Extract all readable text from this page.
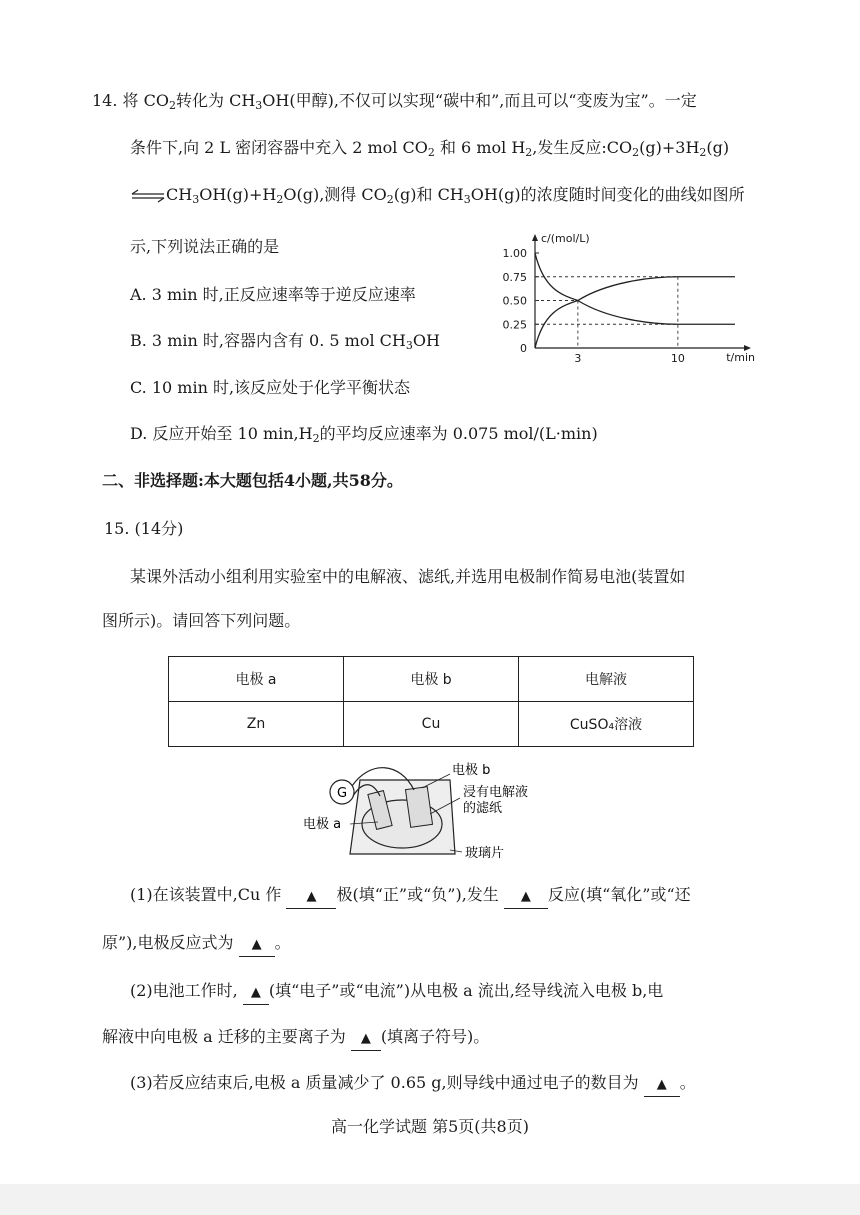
14. 将 $CO_2$转化为 $CH_3OH$(甲醇),不仅可以实现“碳中和”,而且可以“变废为宝”。一定
条件下,向 2 L 密闭容器中充入 2 mol $CO_2$ 和 6 mol $H_2$,发生反应$:CO_2(g)+3H_2(g)$
$\rightleftharpoons CH_3OH(g)+H_2O(g)$,测得 $CO_2(g)$和 $CH_3OH(g)$的浓度随时间变化的曲线如图所
示,下列说法正确的是
A. 3 min 时,正反应速率等于逆反应速率
B. 3 min 时,容器内含有 0. 5 mol $CH_3OH$
C. 10 min 时,该反应处于化学平衡状态
D. 反应开始至 10 $\min,H_2$的平均反应速率为 0.075 mol/(L·min)
c/(mol/L)
t/min
1.00
0.75
0.50
0.25
0
3	10
二、非选择题:本大题包括4小题,共58分。
15. (14分)
某课外活动小组利用实验室中的电解液、滤纸,并选用电极制作简易电池(装置如
图所示)。请回答下列问题。
电极 a	电极 b	电解液
Zn	Cu	CuSO₄溶液
G
电极 b
电极 a
浸有电解液
的滤纸
玻璃片
(1)在该装置中,Cu 作 ▲ 极(填“正”或“负”),发生 ▲ 反应(填“氧化”或“还
原”),电极反应式为 ▲ 。
(2)电池工作时, ▲ (填“电子”或“电流”)从电极 a 流出,经导线流入电极 b,电
解液中向电极 a 迁移的主要离子为 ▲ (填离子符号)。
(3)若反应结束后,电极 a 质量减少了 0.65 g,则导线中通过电子的数目为 ▲ 。
高一化学试题 第5页(共8页)
